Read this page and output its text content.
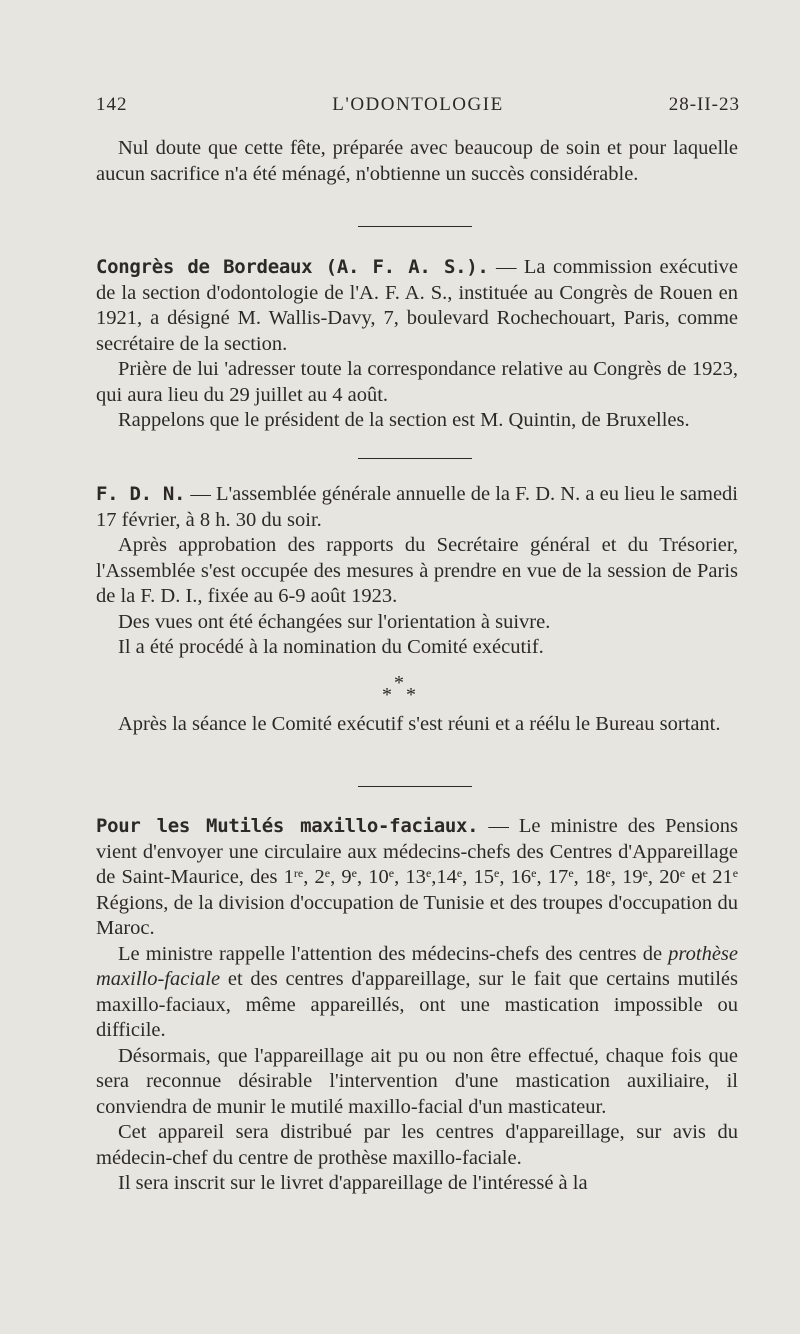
142	L'ODONTOLOGIE	28-II-23

Nul doute que cette fête, préparée avec beaucoup de soin et pour laquelle aucun sacrifice n'a été ménagé, n'obtienne un succès considérable.

Congrès de Bordeaux (A. F. A. S.). — La commission exécutive de la section d'odontologie de l'A. F. A. S., instituée au Congrès de Rouen en 1921, a désigné M. Wallis-Davy, 7, boulevard Rochechouart, Paris, comme secrétaire de la section.

Prière de lui 'adresser toute la correspondance relative au Congrès de 1923, qui aura lieu du 29 juillet au 4 août.

Rappelons que le président de la section est M. Quintin, de Bruxelles.

F. D. N. — L'assemblée générale annuelle de la F. D. N. a eu lieu le samedi 17 février, à 8 h. 30 du soir.

Après approbation des rapports du Secrétaire général et du Trésorier, l'Assemblée s'est occupée des mesures à prendre en vue de la session de Paris de la F. D. I., fixée au 6-9 août 1923.

Des vues ont été échangées sur l'orientation à suivre.

Il a été procédé à la nomination du Comité exécutif.

*
* *

Après la séance le Comité exécutif s'est réuni et a réélu le Bureau sortant.

Pour les Mutilés maxillo-faciaux. — Le ministre des Pensions vient d'envoyer une circulaire aux médecins-chefs des Centres d'Appareillage de Saint-Maurice, des 1re, 2e, 9e, 10e, 13e,14e, 15e, 16e, 17e, 18e, 19e, 20e et 21e Régions, de la division d'occupation de Tunisie et des troupes d'occupation du Maroc.

Le ministre rappelle l'attention des médecins-chefs des centres de prothèse maxillo-faciale et des centres d'appareillage, sur le fait que certains mutilés maxillo-faciaux, même appareillés, ont une mastication impossible ou difficile.

Désormais, que l'appareillage ait pu ou non être effectué, chaque fois que sera reconnue désirable l'intervention d'une mastication auxiliaire, il conviendra de munir le mutilé maxillo-facial d'un masticateur.

Cet appareil sera distribué par les centres d'appareillage, sur avis du médecin-chef du centre de prothèse maxillo-faciale.

Il sera inscrit sur le livret d'appareillage de l'intéressé à la
